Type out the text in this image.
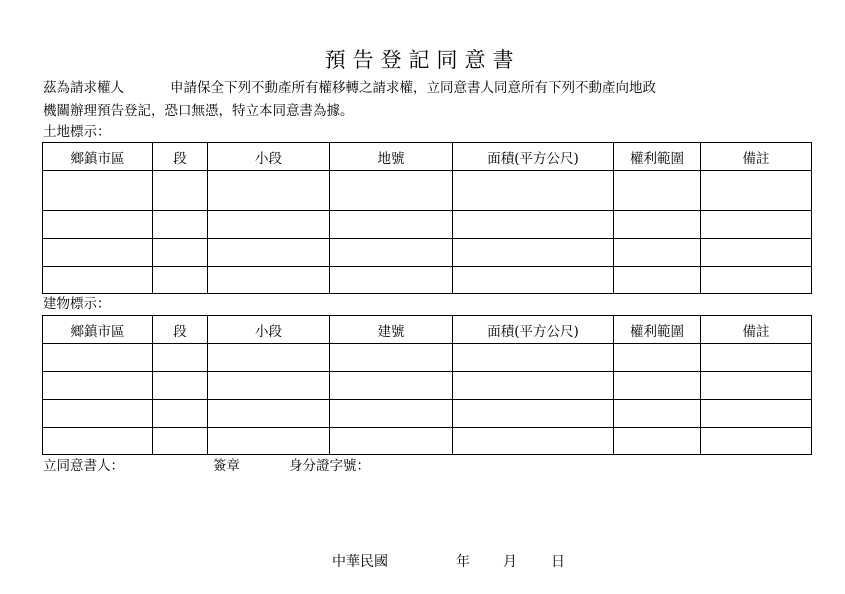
預告登記同意書
茲為請求權人	申請保全下列不動產所有權移轉之請求權，立同意書人同意所有下列不動產向地政
機關辦理預告登記，恐口無憑，特立本同意書為據。
土地標示：
鄉鎮市區	段	小段	地號	面積(平方公尺)	權利範圍	備註

建物標示：
鄉鎮市區	段	小段	建號	面積(平方公尺)	權利範圍	備註

立同意書人：	簽章	身分證字號：
中華民國	年 月 日
